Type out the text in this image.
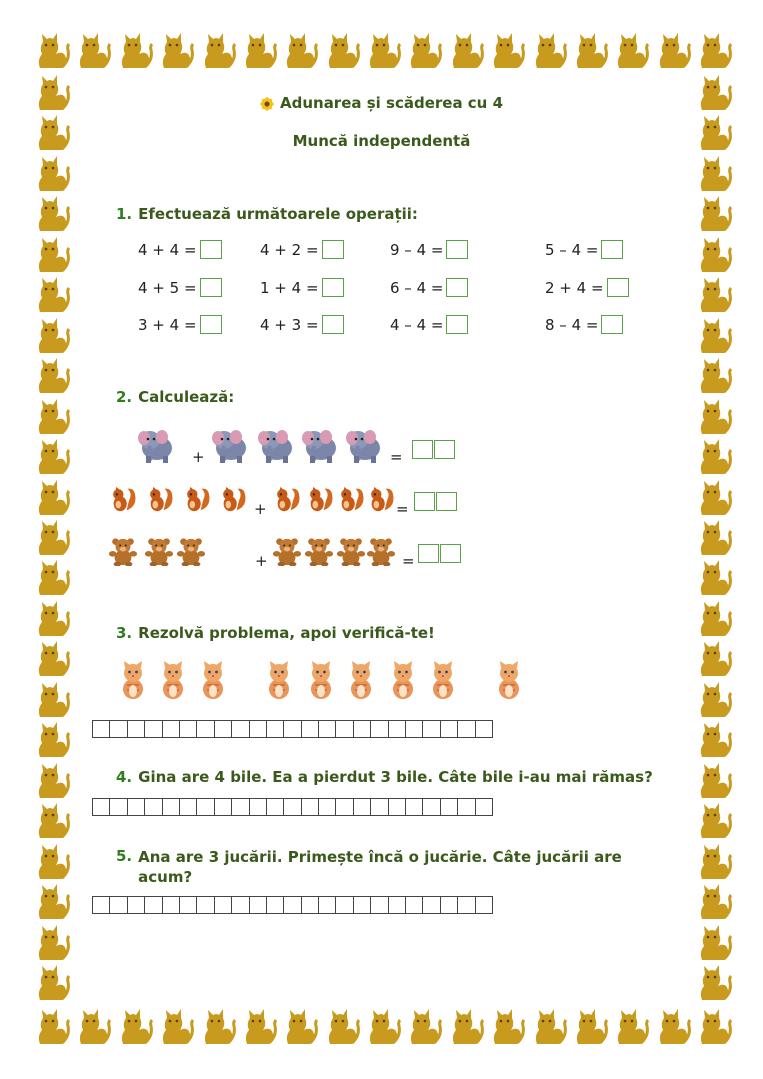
Adunarea și scăderea cu 4
Muncă independentă
1. Efectuează următoarele operații:
4 + 4 =	4 + 2 =	9 – 4 =	5 – 4 =
4 + 5 =	1 + 4 =	6 – 4 =	2 + 4 =
3 + 4 =	4 + 3 =	4 – 4 =	8 – 4 =
2. Calculează:
+	=
+	=
+	=
3. Rezolvă problema, apoi verifică-te!
4. Gina are 4 bile. Ea a pierdut 3 bile. Câte bile i-au mai rămas?
5. Ana are 3 jucării. Primește încă o jucărie. Câte jucării are acum?
